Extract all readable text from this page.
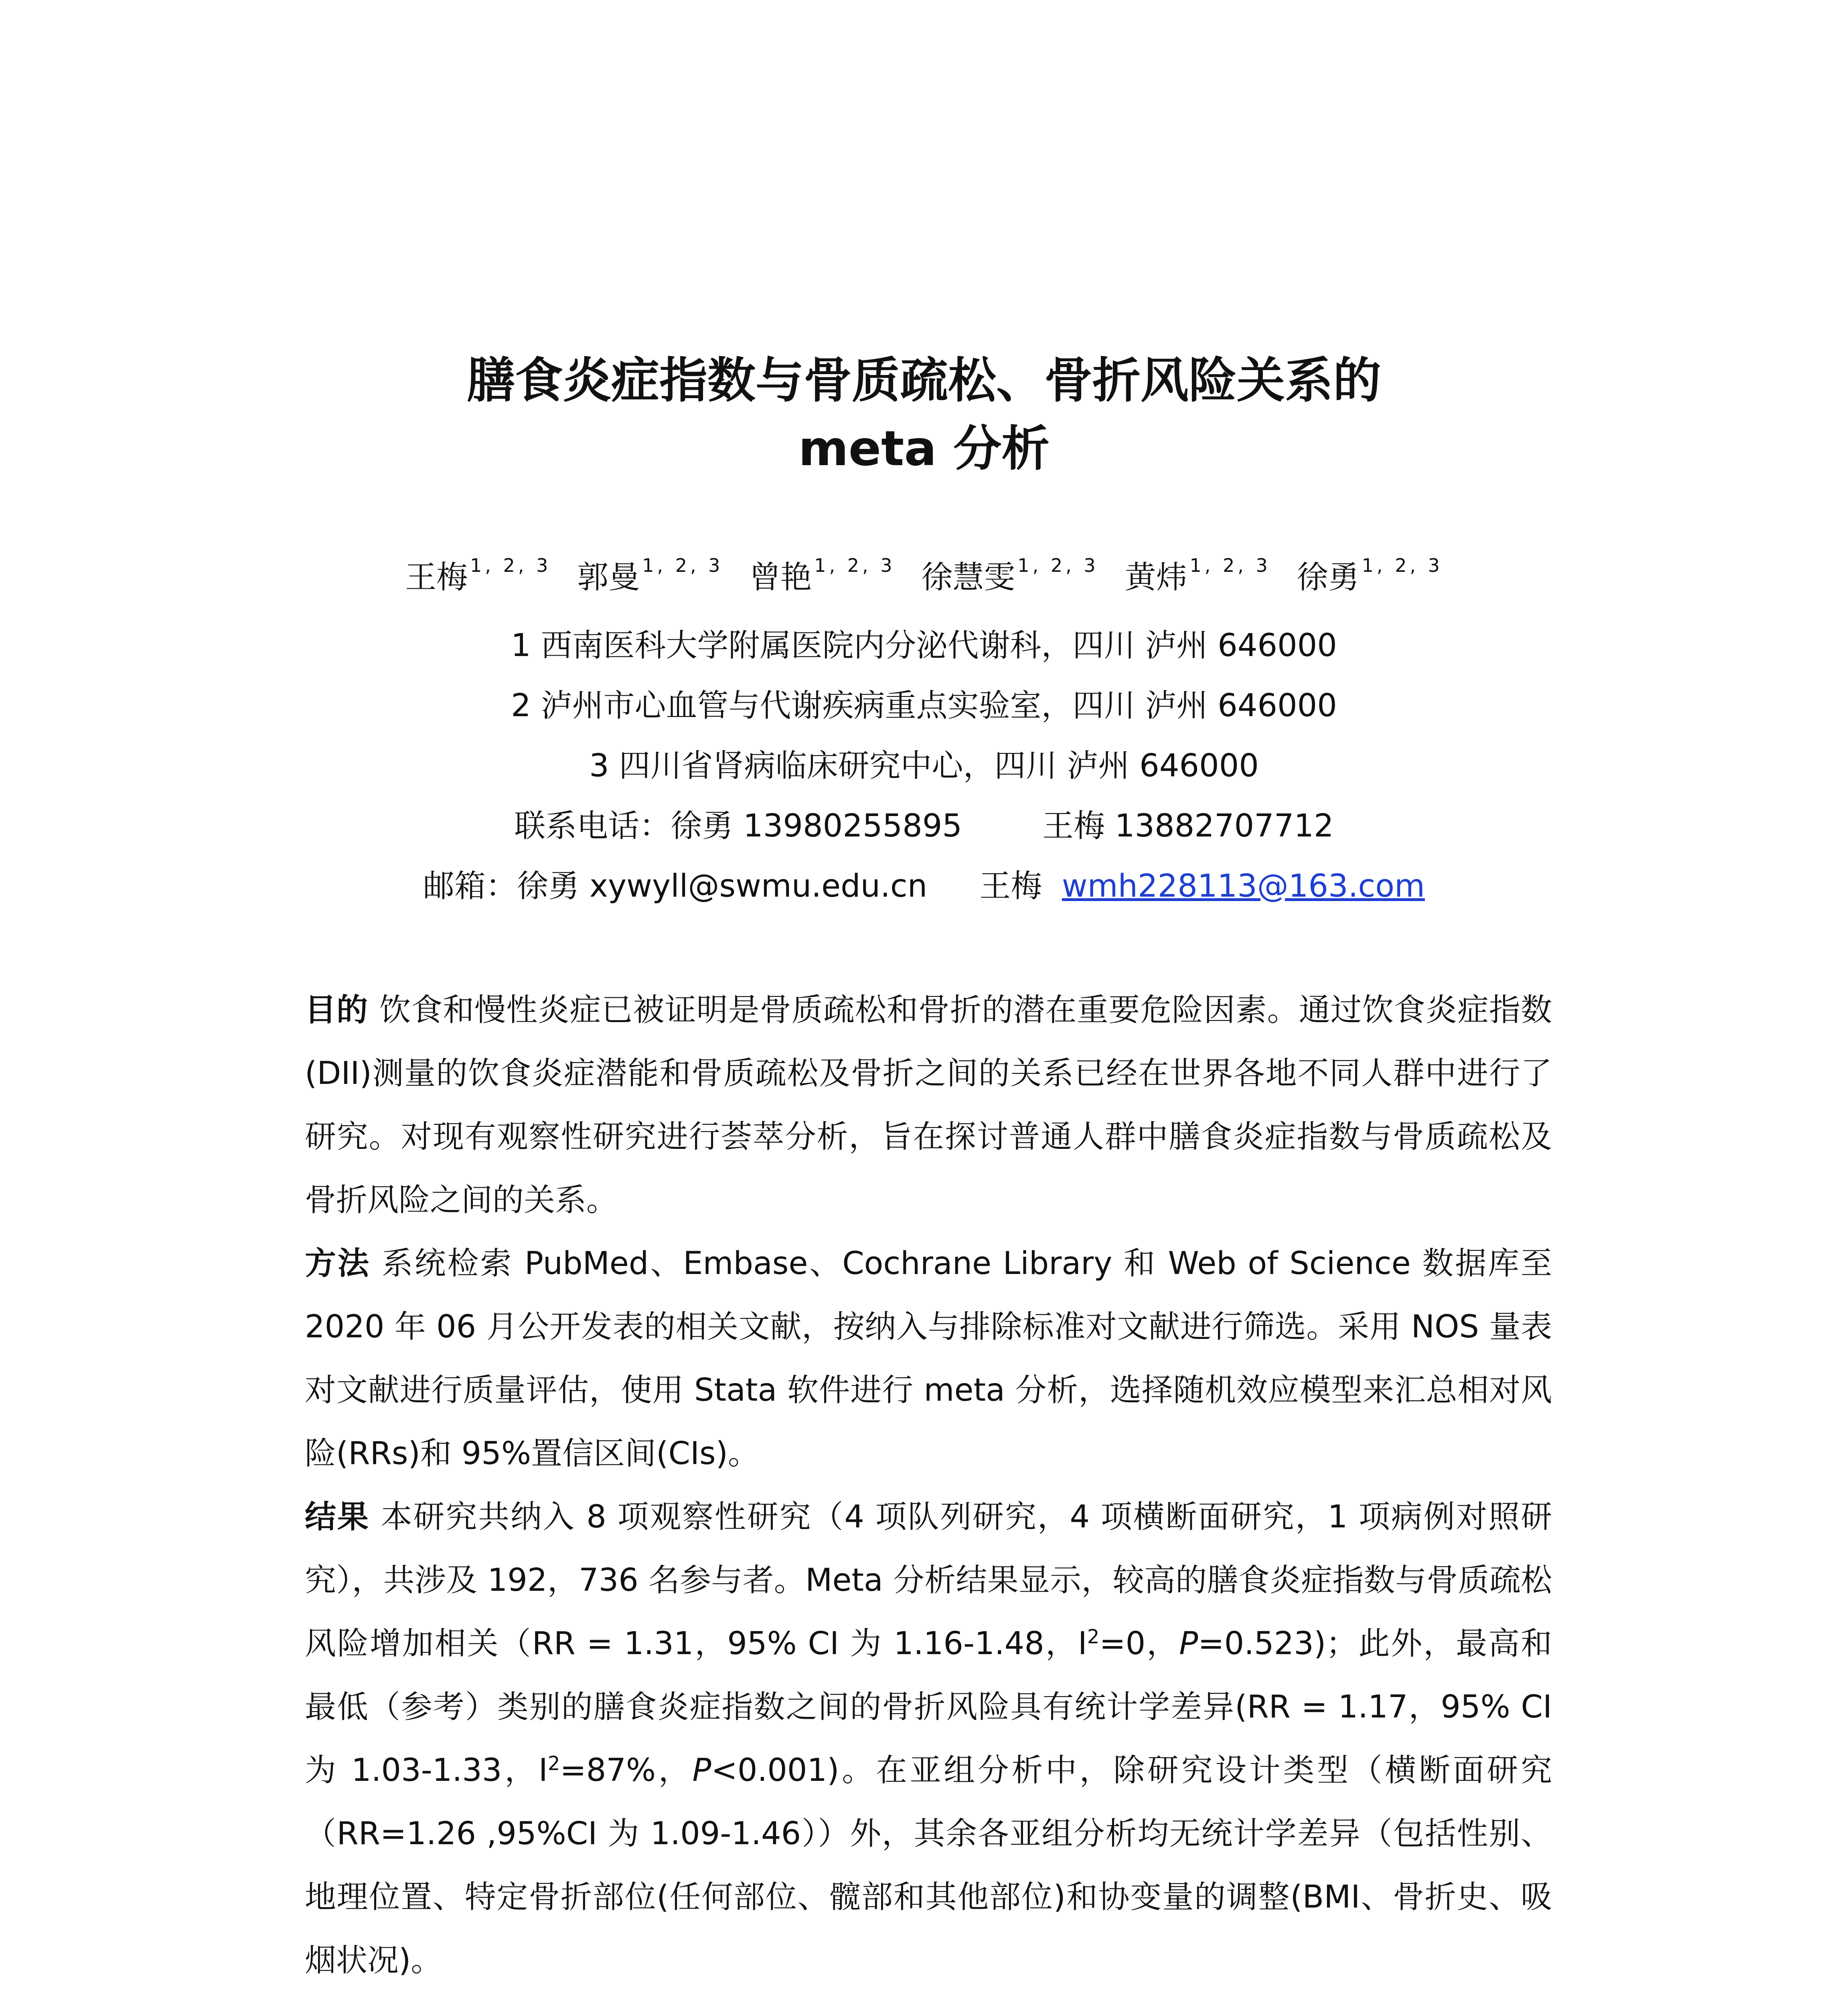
膳食炎症指数与骨质疏松、骨折风险关系的
meta 分析
王梅 $^{1, 2, 3}$ 郭曼 $^{1, 2, 3}$ 曾艳 $^{1, 2, 3}$ 徐慧雯 $^{1, 2, 3}$ 黄炜 $^{1, 2, 3}$ 徐勇 $^{1, 2, 3}$
1 西南医科大学附属医院内分泌代谢科，四川 泸州 646000
2 泸州市心血管与代谢疾病重点实验室，四川 泸州 646000
3 四川省肾病临床研究中心，四川 泸州 646000
联系电话：徐勇 13980255895	王梅 13882707712
邮箱：徐勇 xywyll@swmu.edu.cn 王梅 wmh228113@163.com
目的 饮食和慢性炎症已被证明是骨质疏松和骨折的潜在重要危险因素。通过饮食炎症指数(DII)测量的饮食炎症潜能和骨质疏松及骨折之间的关系已经在世界各地不同人群中进行了研究。对现有观察性研究进行荟萃分析，旨在探讨普通人群中膳食炎症指数与骨质疏松及骨折风险之间的关系。
方法 系统检索 PubMed、Embase、Cochrane Library 和 Web of Science 数据库至 2020 年 06 月公开发表的相关文献，按纳入与排除标准对文献进行筛选。采用 NOS 量表对文献进行质量评估，使用 Stata 软件进行 meta 分析，选择随机效应模型来汇总相对风险(RRs)和 95%置信区间(CIs)。
结果 本研究共纳入 8 项观察性研究（4 项队列研究，4 项横断面研究，1 项病例对照研究），共涉及 192，736 名参与者。Meta 分析结果显示，较高的膳食炎症指数与骨质疏松风险增加相关（RR = 1.31，95% CI 为 1.16-1.48，$I^2=0$，P=0.523)；此外，最高和最低（参考）类别的膳食炎症指数之间的骨折风险具有统计学差异(RR = 1.17，95% CI 为 1.03-1.33，$I^2=87\%$，P<0.001)。在亚组分析中，除研究设计类型（横断面研究（RR=1.26 ,95%CI 为 1.09-1.46））外，其余各亚组分析均无统计学差异（包括性别、地理位置、特定骨折部位(任何部位、髋部和其他部位)和协变量的调整(BMI、骨折史、吸烟状况)。
